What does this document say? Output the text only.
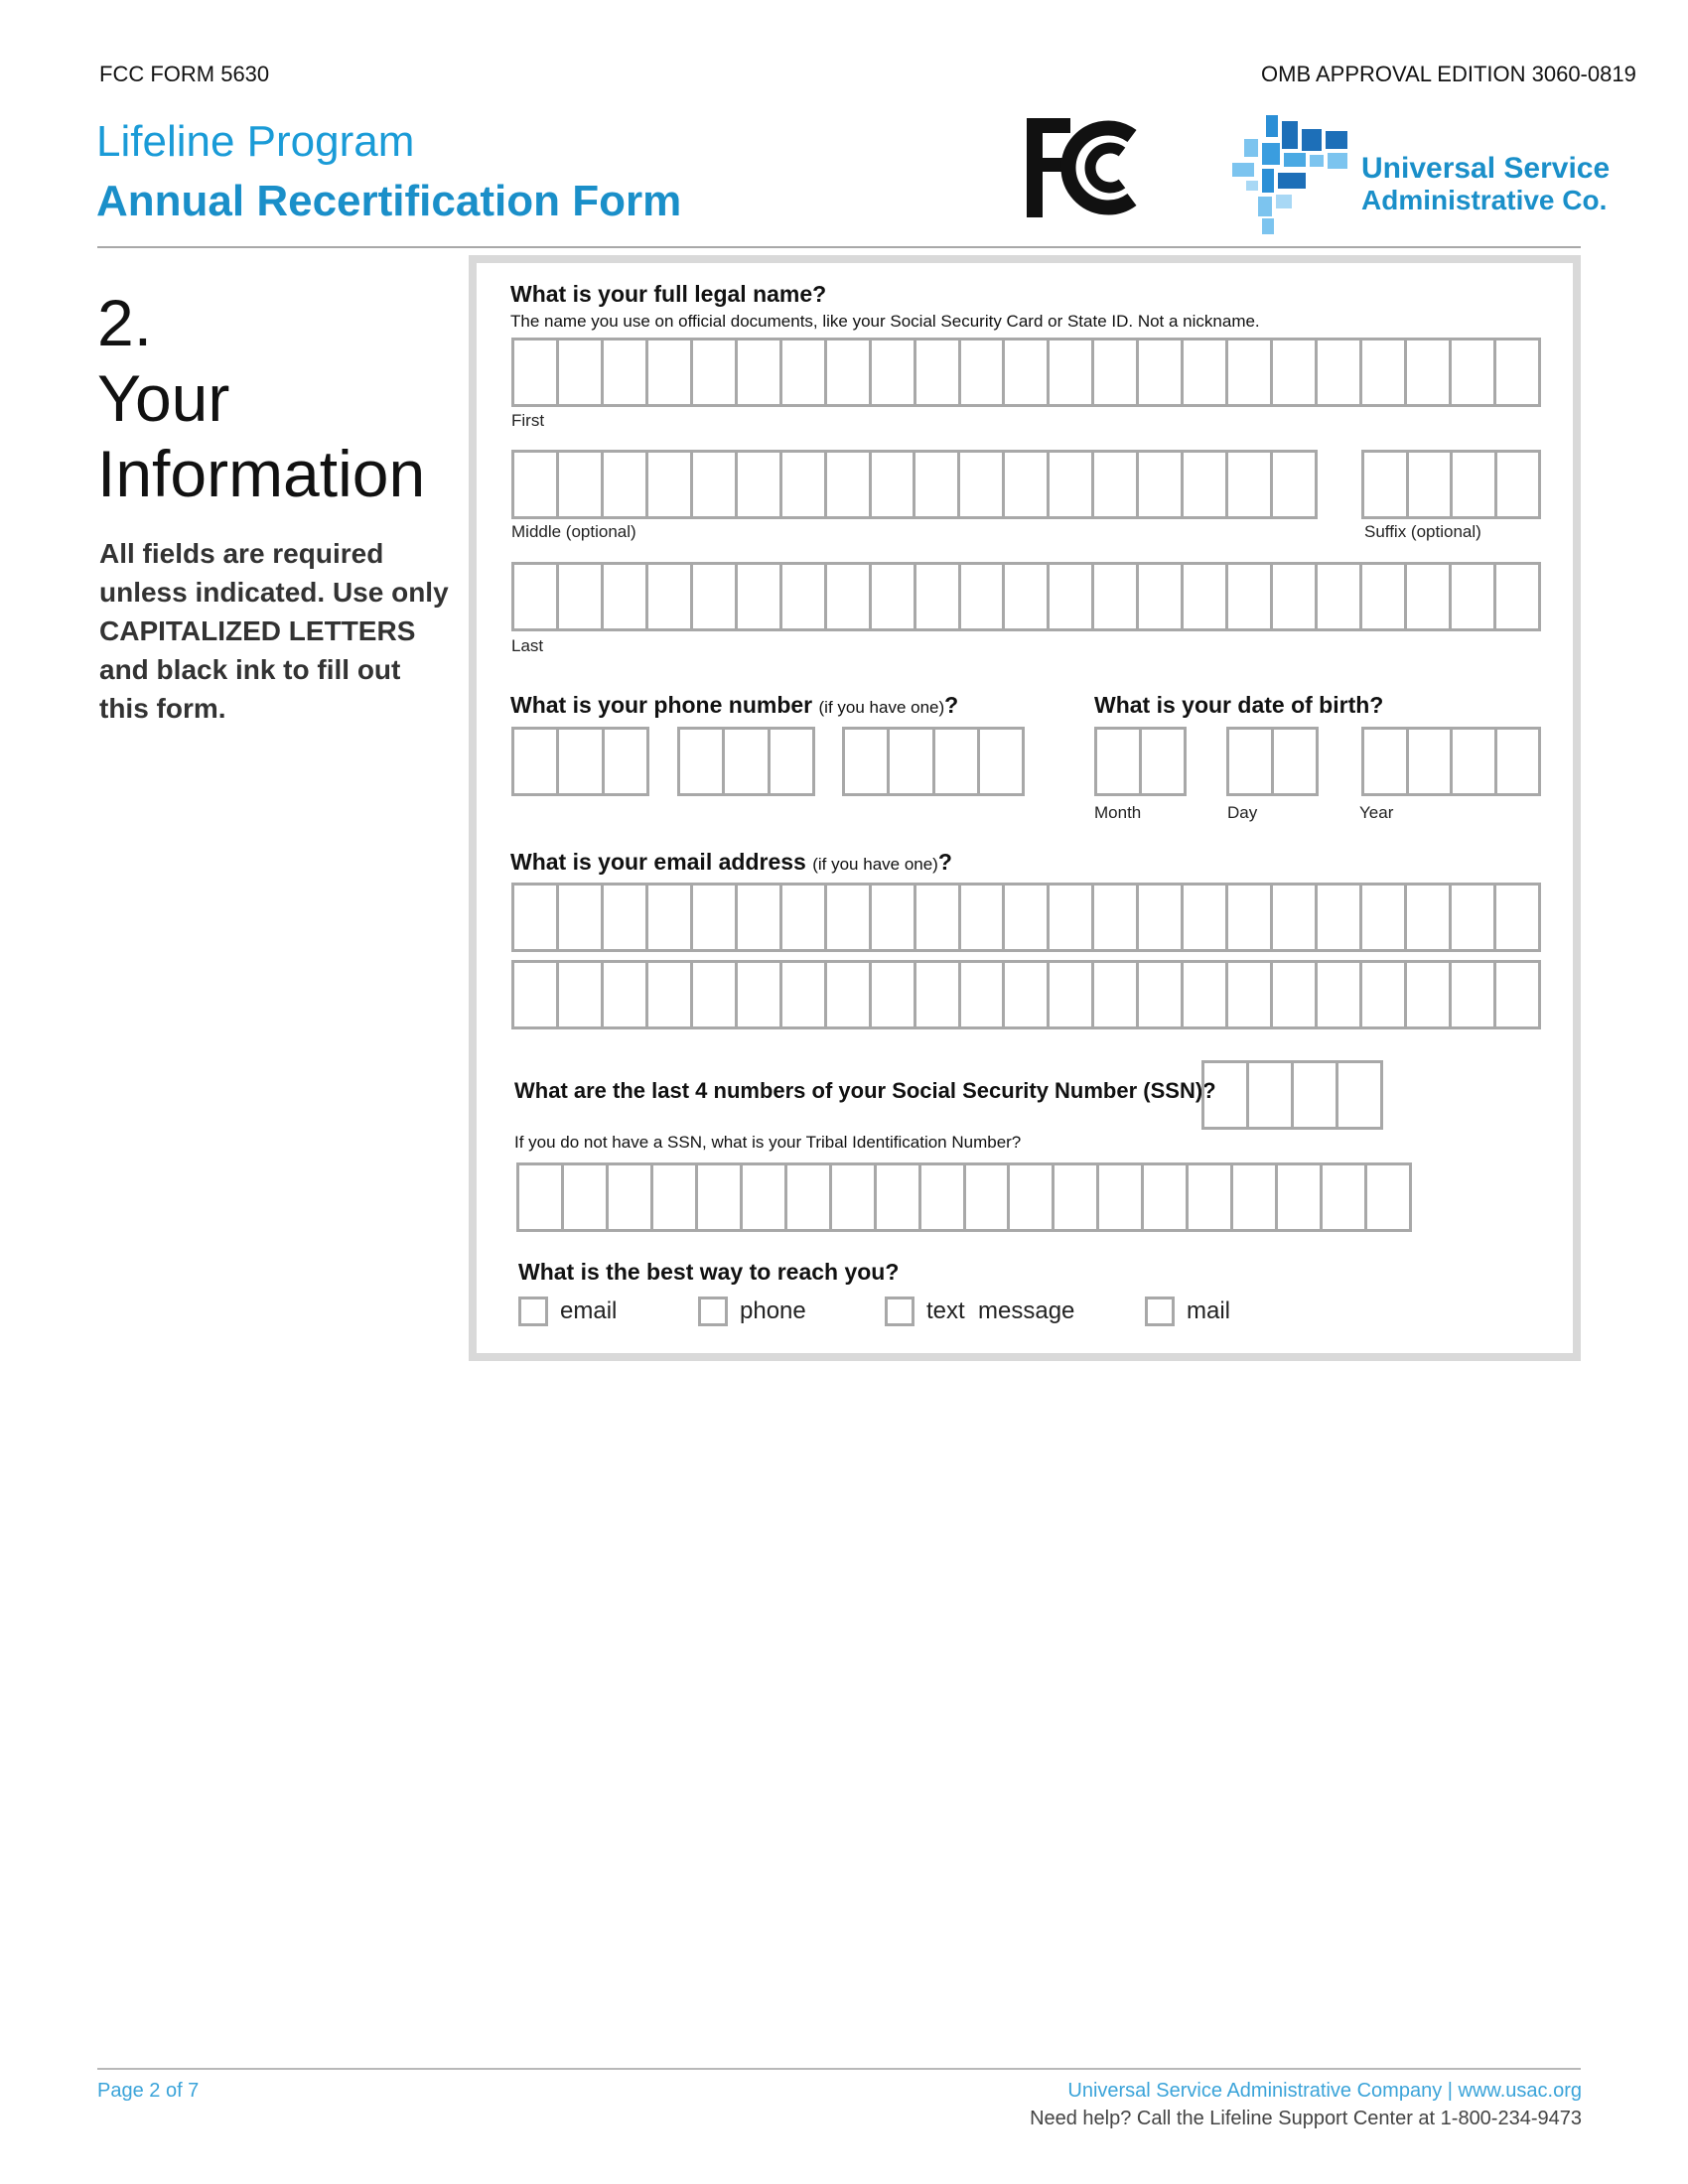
FCC FORM 5630	OMB APPROVAL EDITION 3060-0819
Lifeline Program
Annual Recertification Form
Universal Service
Administrative Co.
2.
Your
Information
All fields are required
unless indicated. Use only
CAPITALIZED LETTERS
and black ink to fill out
this form.
What is your full legal name?
The name you use on official documents, like your Social Security Card or State ID. Not a nickname.
First
Middle (optional)	Suffix (optional)
Last
What is your phone number (if you have one)?	What is your date of birth?
Month	Day	Year
What is your email address (if you have one)?
What are the last 4 numbers of your Social Security Number (SSN)?
If you do not have a SSN, what is your Tribal Identification Number?
What is the best way to reach you?
email	phone	text  message	mail
Page 2 of 7	Universal Service Administrative Company | www.usac.org
Need help? Call the Lifeline Support Center at 1-800-234-9473
